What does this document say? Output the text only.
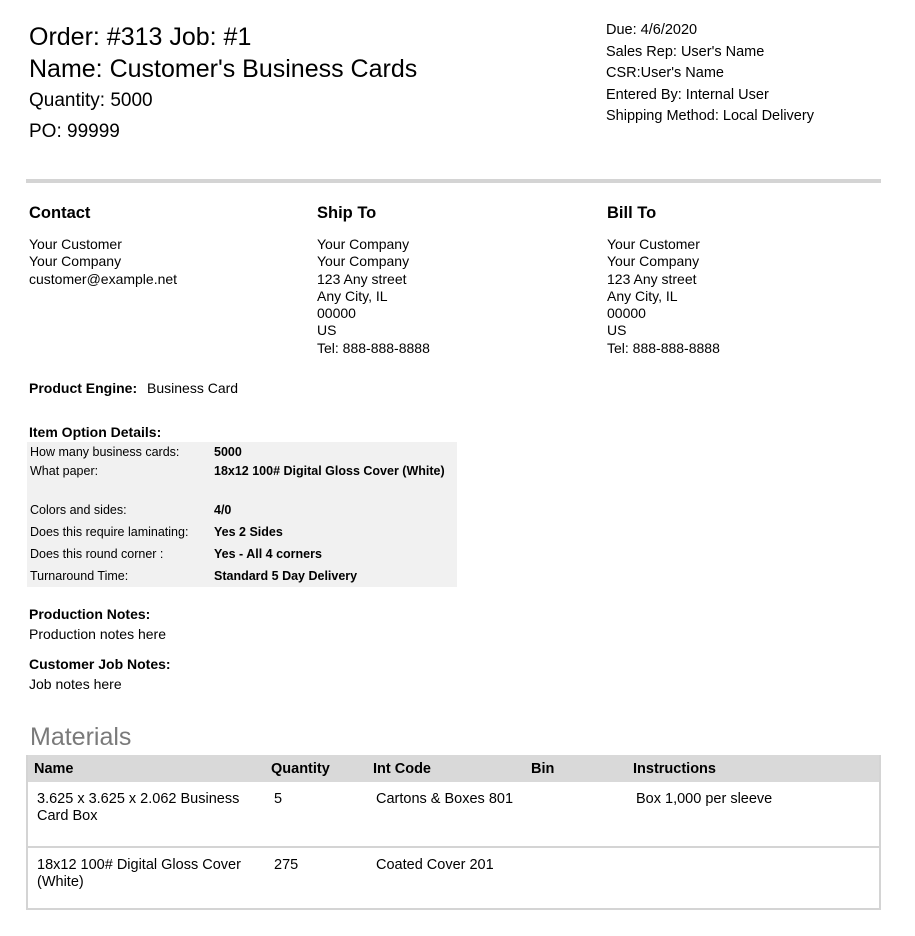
Order: #313 Job: #1
Name: Customer's Business Cards
Quantity: 5000
PO: 99999
Due: 4/6/2020
Sales Rep: User's Name
CSR:User's Name
Entered By: Internal User
Shipping Method: Local Delivery
Contact
Your Customer
Your Company
customer@example.net
Ship To
Your Company
Your Company
123 Any street
Any City, IL
00000
US
Tel: 888-888-8888
Bill To
Your Customer
Your Company
123 Any street
Any City, IL
00000
US
Tel: 888-888-8888
Product Engine: Business Card
Item Option Details:
How many business cards:	5000
What paper:	18x12 100# Digital Gloss Cover (White)
Colors and sides:	4/0
Does this require laminating:	Yes 2 Sides
Does this round corner :	Yes - All 4 corners
Turnaround Time:	Standard 5 Day Delivery
Production Notes:
Production notes here
Customer Job Notes:
Job notes here
Materials
Name	Quantity	Int Code	Bin	Instructions
3.625 x 3.625 x 2.062 Business Card Box	5	Cartons & Boxes 801		Box 1,000 per sleeve
18x12 100# Digital Gloss Cover (White)	275	Coated Cover 201		
